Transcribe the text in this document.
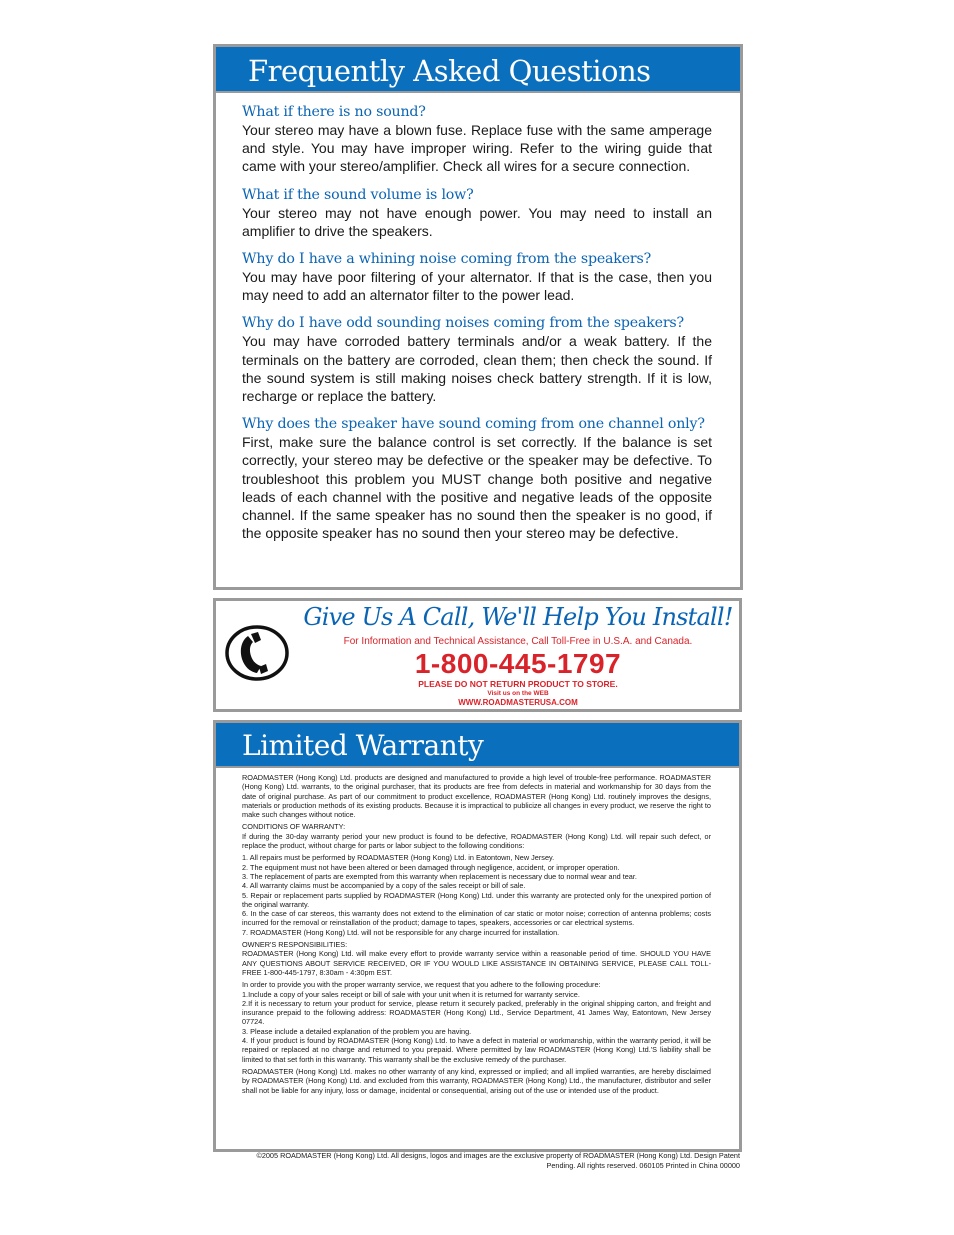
Frequently Asked Questions

What if there is no sound?

Your stereo may have a blown fuse. Replace fuse with the same amperage and style. You may have improper wiring. Refer to the wiring guide that came with your stereo/amplifier. Check all wires for a secure connection.

What if the sound volume is low?

Your stereo may not have enough power. You may need to install an amplifier to drive the speakers.

Why do I have a whining noise coming from the speakers?

You may have poor filtering of your alternator. If that is the case, then you may need to add an alternator filter to the power lead.

Why do I have odd sounding noises coming from the speakers?

You may have corroded battery terminals and/or a weak battery. If the terminals on the battery are corroded, clean them; then check the sound. If the sound system is still making noises check battery strength. If it is low, recharge or replace the battery.

Why does the speaker have sound coming from one channel only?

First, make sure the balance control is set correctly. If the balance is set correctly, your stereo may be defective or the speaker may be defective. To troubleshoot this problem you MUST change both positive and negative leads of each channel with the positive and negative leads of the opposite channel. If the same speaker has no sound then the speaker is no good, if the opposite speaker has no sound then your stereo may be defective.

Give Us A Call, We'll Help You Install!
For Information and Technical Assistance, Call Toll-Free in U.S.A. and Canada.
1-800-445-1797
PLEASE DO NOT RETURN PRODUCT TO STORE.
Visit us on the WEB
WWW.ROADMASTERUSA.COM
Limited Warranty

ROADMASTER (Hong Kong) Ltd. products are designed and manufactured to provide a high level of trouble-free performance. ROADMASTER (Hong Kong) Ltd. warrants, to the original purchaser, that its products are free from defects in material and workmanship for 30 days from the date of original purchase. As part of our commitment to product excellence, ROADMASTER (Hong Kong) Ltd. routinely improves the designs, materials or production methods of its existing products. Because it is impractical to publicize all changes in every product, we reserve the right to make such changes without notice.

CONDITIONS OF WARRANTY:

If during the 30-day warranty period your new product is found to be defective, ROADMASTER (Hong Kong) Ltd. will repair such defect, or replace the product, without charge for parts or labor subject to the following conditions:

1. All repairs must be performed by ROADMASTER (Hong Kong) Ltd. in Eatontown, New Jersey.

2. The equipment must not have been altered or been damaged through negligence, accident, or improper operation.

3. The replacement of parts are exempted from this warranty when replacement is necessary due to normal wear and tear.

4. All warranty claims must be accompanied by a copy of the sales receipt or bill of sale.

5. Repair or replacement parts supplied by ROADMASTER (Hong Kong) Ltd. under this warranty are protected only for the unexpired portion of the original warranty.

6. In the case of car stereos, this warranty does not extend to the elimination of car static or motor noise; correction of antenna problems; costs incurred for the removal or reinstallation of the product; damage to tapes, speakers, accessories or car electrical systems.

7. ROADMASTER (Hong Kong) Ltd. will not be responsible for any charge incurred for installation.

OWNER'S RESPONSIBILITIES:

ROADMASTER (Hong Kong) Ltd. will make every effort to provide warranty service within a reasonable period of time. SHOULD YOU HAVE ANY QUESTIONS ABOUT SERVICE RECEIVED, OR IF YOU WOULD LIKE ASSISTANCE IN OBTAINING SERVICE, PLEASE CALL TOLL-FREE 1-800-445-1797, 8:30am - 4:30pm EST.

In order to provide you with the proper warranty service, we request that you adhere to the following procedure:

1.Include a copy of your sales receipt or bill of sale with your unit when it is returned for warranty service.

2.If it is necessary to return your product for service, please return it securely packed, preferably in the original shipping carton, and freight and insurance prepaid to the following address: ROADMASTER (Hong Kong) Ltd., Service Department, 41 James Way, Eatontown, New Jersey 07724.

3. Please include a detailed explanation of the problem you are having.

4. If your product is found by ROADMASTER (Hong Kong) Ltd. to have a defect in material or workmanship, within the warranty period, it will be repaired or replaced at no charge and returned to you prepaid. Where permitted by law ROADMASTER (Hong Kong) Ltd.'S liability shall be limited to that set forth in this warranty. This warranty shall be the exclusive remedy of the purchaser.

ROADMASTER (Hong Kong) Ltd. makes no other warranty of any kind, expressed or implied; and all implied warranties, are hereby disclaimed by ROADMASTER (Hong Kong) Ltd. and excluded from this warranty, ROADMASTER (Hong Kong) Ltd., the manufacturer, distributor and seller shall not be liable for any injury, loss or damage, incidental or consequential, arising out of the use or intended use of the product.

©2005 ROADMASTER (Hong Kong) Ltd. All designs, logos and images are the exclusive property of ROADMASTER (Hong Kong) Ltd. Design Patent
Pending. All rights reserved. 060105 Printed in China 00000
